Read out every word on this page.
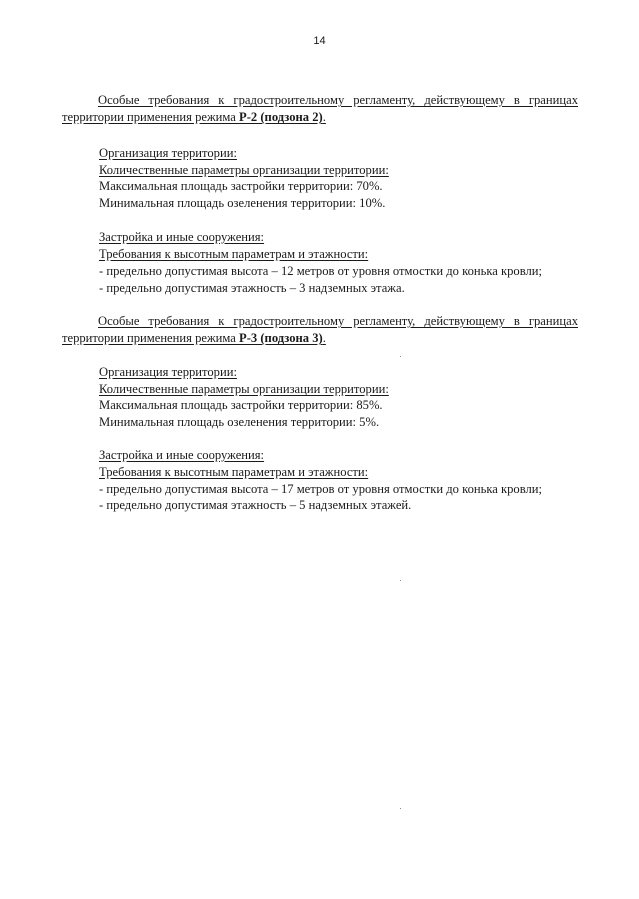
14
Особые требования к градостроительному регламенту, действующему в границах
территории применения режима Р-2 (подзона 2).
Организация территории:
Количественные параметры организации территории:
Максимальная площадь застройки территории: 70%.
Минимальная площадь озеленения территории: 10%.
Застройка и иные сооружения:
Требования к высотным параметрам и этажности:
- предельно допустимая высота – 12 метров от уровня отмостки до конька кровли;
- предельно допустимая этажность – 3 надземных этажа.
Особые требования к градостроительному регламенту, действующему в границах
территории применения режима Р-3 (подзона 3).
Организация территории:
Количественные параметры организации территории:
Максимальная площадь застройки территории: 85%.
Минимальная площадь озеленения территории: 5%.
Застройка и иные сооружения:
Требования к высотным параметрам и этажности:
- предельно допустимая высота – 17 метров от уровня отмостки до конька кровли;
- предельно допустимая этажность – 5 надземных этажей.
